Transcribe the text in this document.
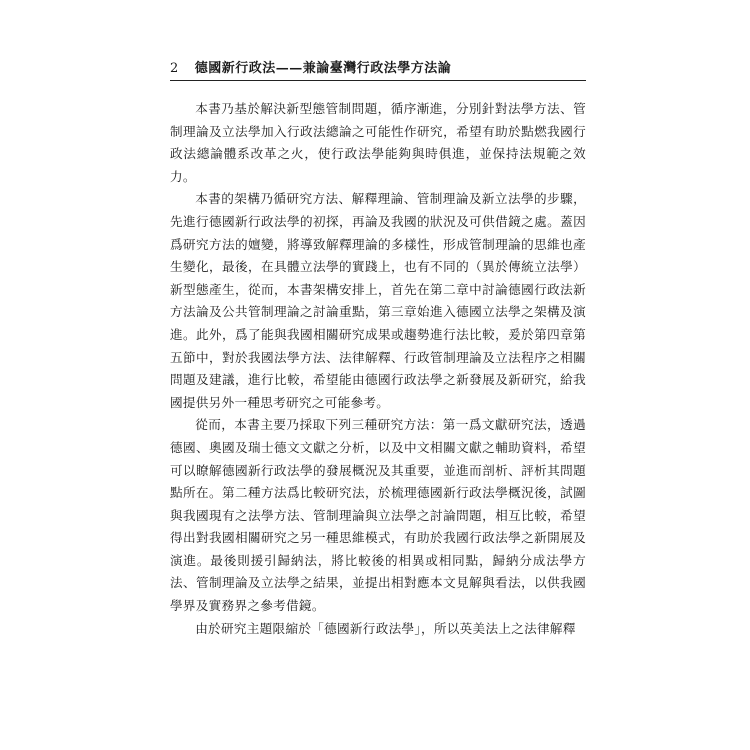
2 德國新行政法——兼論臺灣行政法學方法論

本書乃基於解決新型態管制問題，循序漸進，分別針對法學方法、管制理論及立法學加入行政法總論之可能性作研究，希望有助於點燃我國行政法總論體系改革之火，使行政法學能夠與時俱進，並保持法規範之效力。

本書的架構乃循研究方法、解釋理論、管制理論及新立法學的步驟，先進行德國新行政法學的初探，再論及我國的狀況及可供借鏡之處。蓋因爲研究方法的嬗變，將導致解釋理論的多樣性，形成管制理論的思維也產生變化，最後，在具體立法學的實踐上，也有不同的（異於傳統立法學）新型態產生，從而，本書架構安排上，首先在第二章中討論德國行政法新方法論及公共管制理論之討論重點，第三章始進入德國立法學之架構及演進。此外，爲了能與我國相關研究成果或趨勢進行法比較，爰於第四章第五節中，對於我國法學方法、法律解釋、行政管制理論及立法程序之相關問題及建議，進行比較，希望能由德國行政法學之新發展及新研究，給我國提供另外一種思考研究之可能參考。

從而，本書主要乃採取下列三種研究方法：第一爲文獻研究法，透過德國、奧國及瑞士德文文獻之分析，以及中文相關文獻之輔助資料，希望可以瞭解德國新行政法學的發展概況及其重要，並進而剖析、評析其問題點所在。第二種方法爲比較研究法，於梳理德國新行政法學概況後，試圖與我國現有之法學方法、管制理論與立法學之討論問題，相互比較，希望得出對我國相關研究之另一種思維模式，有助於我國行政法學之新開展及演進。最後則援引歸納法，將比較後的相異或相同點，歸納分成法學方法、管制理論及立法學之結果，並提出相對應本文見解與看法，以供我國學界及實務界之參考借鏡。

由於研究主題限縮於「德國新行政法學」，所以英美法上之法律解釋
